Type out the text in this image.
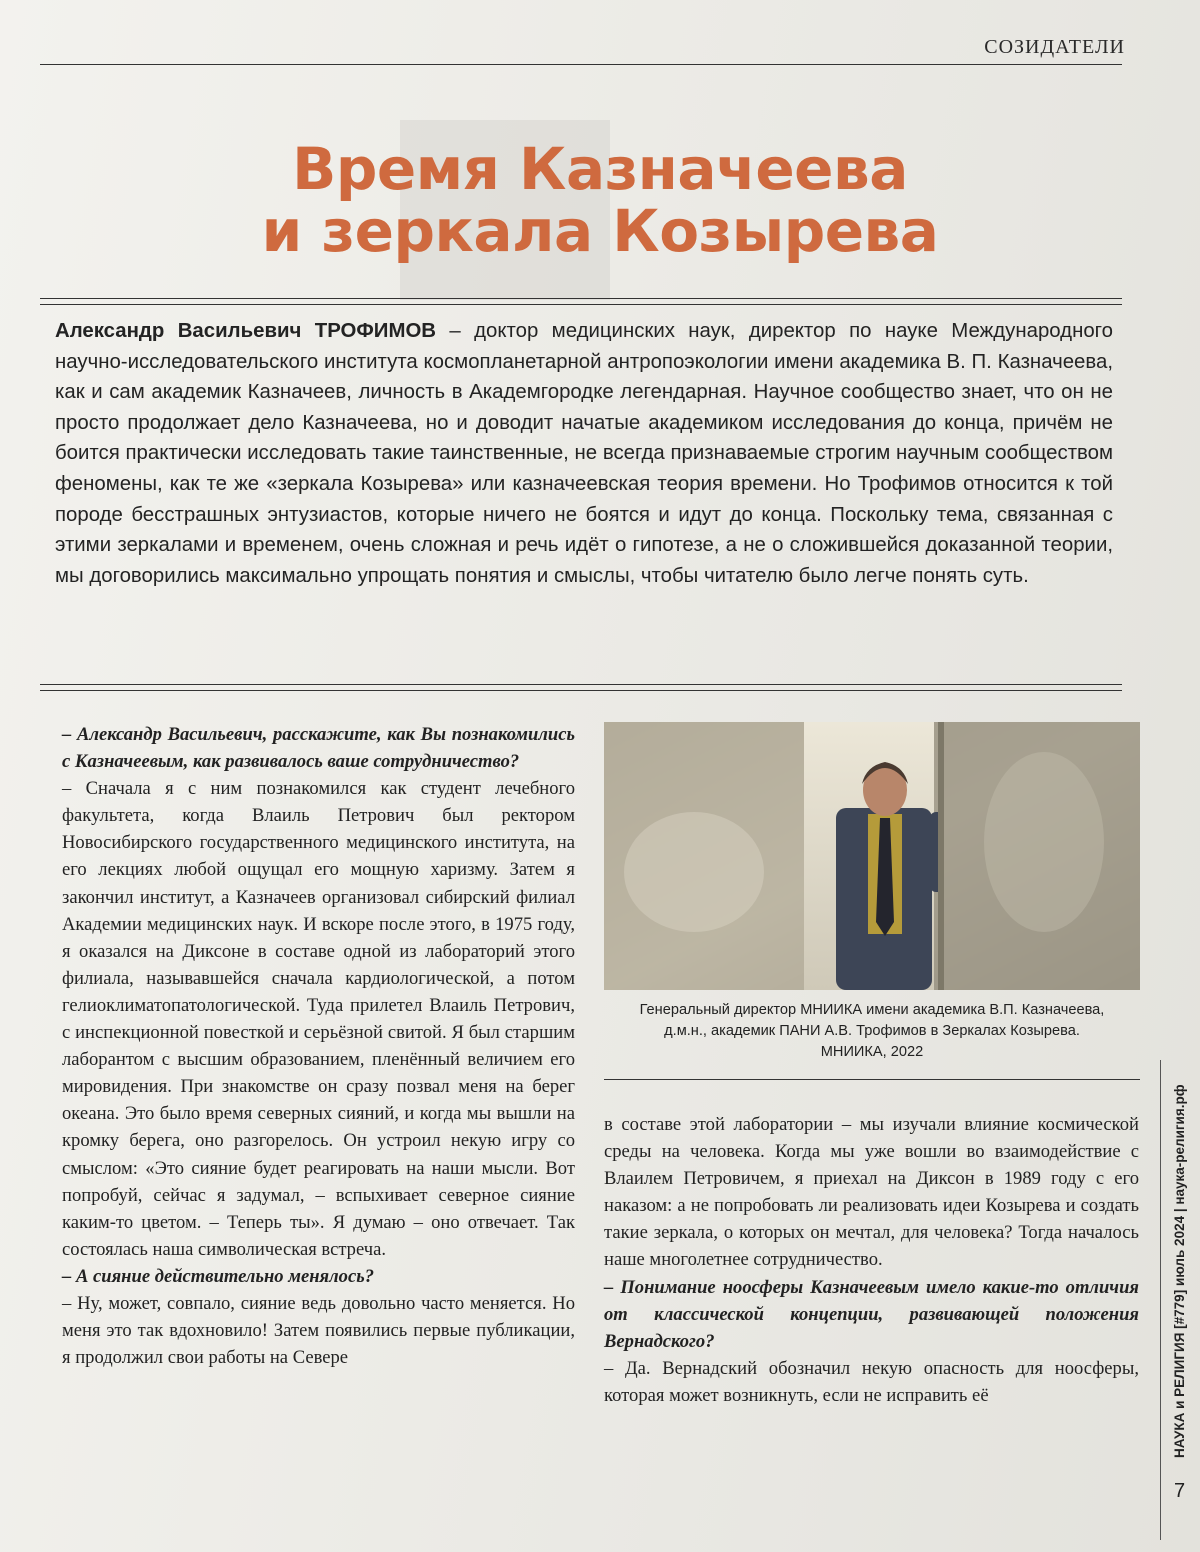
СОЗИДАТЕЛИ
Время Казначеева
и зеркала Козырева
Александр Васильевич ТРОФИМОВ – доктор медицинских наук, директор по науке Международного научно-исследовательского института космопланетарной антропоэкологии имени академика В. П. Казначеева, как и сам академик Казначеев, личность в Академгородке легендарная. Научное сообщество знает, что он не просто продолжает дело Казначеева, но и доводит начатые академиком исследования до конца, причём не боится практически исследовать такие таинственные, не всегда признаваемые строгим научным сообществом феномены, как те же «зеркала Козырева» или казначеевская теория времени. Но Трофимов относится к той породе бесстрашных энтузиастов, которые ничего не боятся и идут до конца. Поскольку тема, связанная с этими зеркалами и временем, очень сложная и речь идёт о гипотезе, а не о сложившейся доказанной теории, мы договорились максимально упрощать понятия и смыслы, чтобы читателю было легче понять суть.

– Александр Васильевич, расскажите, как Вы познакомились с Казначеевым, как развивалось ваше сотрудничество?

– Сначала я с ним познакомился как студент лечебного факультета, когда Влаиль Петрович был ректором Новосибирского государственного медицинского института, на его лекциях любой ощущал его мощную харизму. Затем я закончил институт, а Казначеев организовал сибирский филиал Академии медицинских наук. И вскоре после этого, в 1975 году, я оказался на Диксоне в составе одной из лабораторий этого филиала, называвшейся сначала кардиологической, а потом гелиоклиматопатологической. Туда прилетел Влаиль Петрович, с инспекционной повесткой и серьёзной свитой. Я был старшим лаборантом с высшим образованием, пленённый величием его мировидения. При знакомстве он сразу позвал меня на берег океана. Это было время северных сияний, и когда мы вышли на кромку берега, оно разгорелось. Он устроил некую игру со смыслом: «Это сияние будет реагировать на наши мысли. Вот попробуй, сейчас я задумал, – вспыхивает северное сияние каким-то цветом. – Теперь ты». Я думаю – оно отвечает. Так состоялась наша символическая встреча.

– А сияние действительно менялось?

– Ну, может, совпало, сияние ведь довольно часто меняется. Но меня это так вдохновило! Затем появились первые публикации, я продолжил свои работы на Севере

Генеральный директор МНИИКА имени академика В.П. Казначеева,
д.м.н., академик ПАНИ А.В. Трофимов в Зеркалах Козырева.
МНИИКА, 2022

в составе этой лаборатории – мы изучали влияние космической среды на человека. Когда мы уже вошли во взаимодействие с Влаилем Петровичем, я приехал на Диксон в 1989 году с его наказом: а не попробовать ли реализовать идеи Козырева и создать такие зеркала, о которых он мечтал, для человека? Тогда началось наше многолетнее сотрудничество.

– Понимание ноосферы Казначеевым имело какие-то отличия от классической концепции, развивающей положения Вернадского?

– Да. Вернадский обозначил некую опасность для ноосферы, которая может возникнуть, если не исправить её	НАУКА и РЕЛИГИЯ [#779] июль 2024 | наука-религия.рф
7
